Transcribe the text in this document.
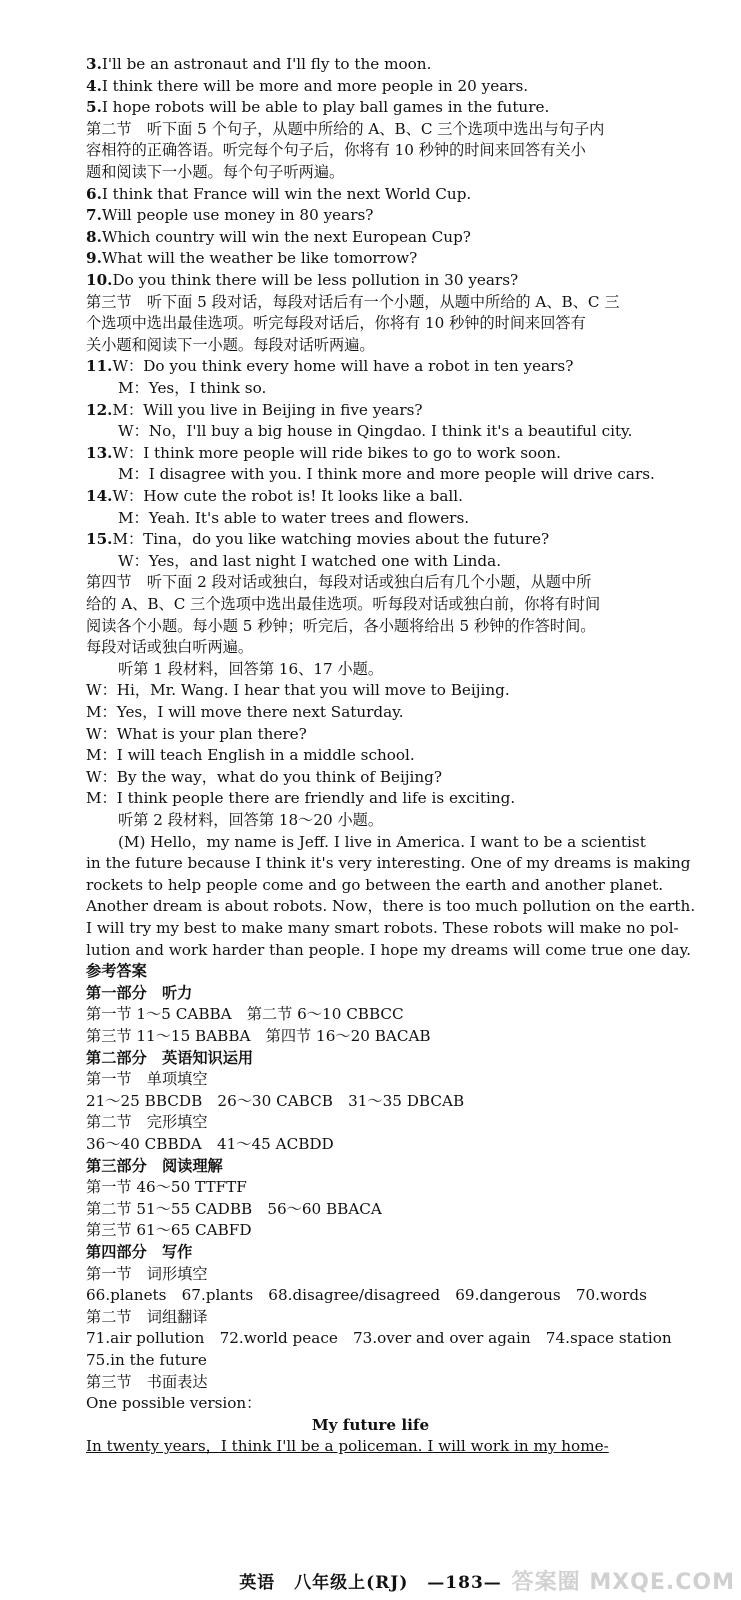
3.I'll be an astronaut and I'll fly to the moon.
4.I think there will be more and more people in 20 years.
5.I hope robots will be able to play ball games in the future.
第二节　听下面 5 个句子，从题中所给的 A、B、C 三个选项中选出与句子内
容相符的正确答语。听完每个句子后，你将有 10 秒钟的时间来回答有关小
题和阅读下一小题。每个句子听两遍。
6.I think that France will win the next World Cup.
7.Will people use money in 80 years?
8.Which country will win the next European Cup?
9.What will the weather be like tomorrow?
10.Do you think there will be less pollution in 30 years?
第三节　听下面 5 段对话，每段对话后有一个小题，从题中所给的 A、B、C 三
个选项中选出最佳选项。听完每段对话后，你将有 10 秒钟的时间来回答有
关小题和阅读下一小题。每段对话听两遍。
11.W：Do you think every home will have a robot in ten years?
M：Yes，I think so.
12.M：Will you live in Beijing in five years?
W：No，I'll buy a big house in Qingdao. I think it's a beautiful city.
13.W：I think more people will ride bikes to go to work soon.
M：I disagree with you. I think more and more people will drive cars.
14.W：How cute the robot is! It looks like a ball.
M：Yeah. It's able to water trees and flowers.
15.M：Tina，do you like watching movies about the future?
W：Yes，and last night I watched one with Linda.
第四节　听下面 2 段对话或独白，每段对话或独白后有几个小题，从题中所
给的 A、B、C 三个选项中选出最佳选项。听每段对话或独白前，你将有时间
阅读各个小题。每小题 5 秒钟；听完后，各小题将给出 5 秒钟的作答时间。
每段对话或独白听两遍。
听第 1 段材料，回答第 16、17 小题。
W：Hi，Mr. Wang. I hear that you will move to Beijing.
M：Yes，I will move there next Saturday.
W：What is your plan there?
M：I will teach English in a middle school.
W：By the way，what do you think of Beijing?
M：I think people there are friendly and life is exciting.
听第 2 段材料，回答第 18～20 小题。
(M) Hello，my name is Jeff. I live in America. I want to be a scientist
in the future because I think it's very interesting. One of my dreams is making
rockets to help people come and go between the earth and another planet.
Another dream is about robots. Now，there is too much pollution on the earth.
I will try my best to make many smart robots. These robots will make no pol-
lution and work harder than people. I hope my dreams will come true one day.
参考答案
第一部分　听力
第一节 1～5 CABBA　第二节 6～10 CBBCC
第三节 11～15 BABBA　第四节 16～20 BACAB
第二部分　英语知识运用
第一节　单项填空
21～25 BBCDB　26～30 CABCB　31～35 DBCAB
第二节　完形填空
36～40 CBBDA　41～45 ACBDD
第三部分　阅读理解
第一节 46～50 TTFTF
第二节 51～55 CADBB　56～60 BBACA
第三节 61～65 CABFD
第四部分　写作
第一节　词形填空
66.planets　67.plants　68.disagree/disagreed　69.dangerous　70.words
英语 八年级上(RJ) —183— 答案圈 MXQE.COM
第二节　词组翻译
71.air pollution　72.world peace　73.over and over again　74.space station
75.in the future
第三节　书面表达
One possible version：
My future life
In twenty years，I think I'll be a policeman. I will work in my home-
